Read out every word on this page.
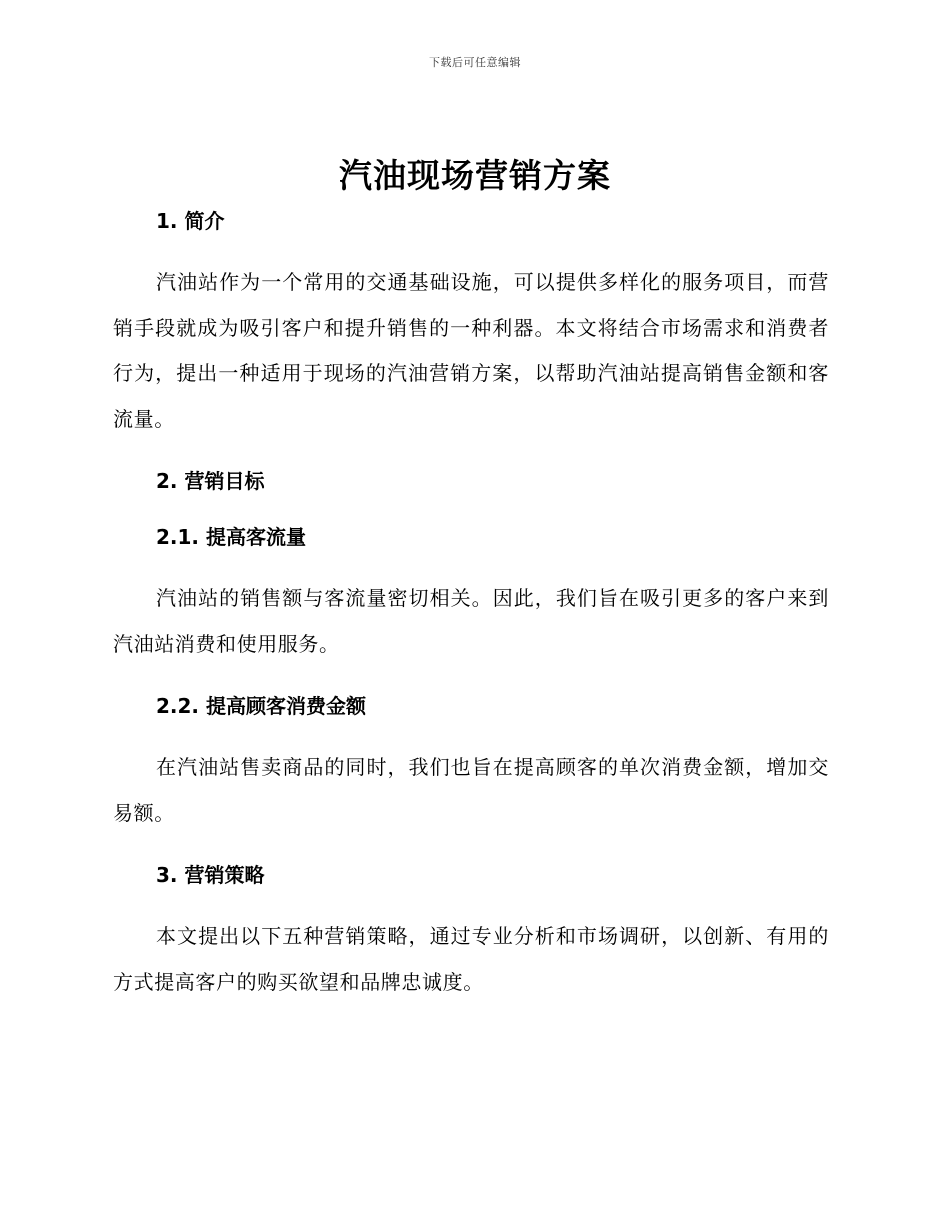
下载后可任意编辑
汽油现场营销方案
1. 简介

汽油站作为一个常用的交通基础设施，可以提供多样化的服务项目，而营销手段就成为吸引客户和提升销售的一种利器。本文将结合市场需求和消费者行为，提出一种适用于现场的汽油营销方案，以帮助汽油站提高销售金额和客流量。

2. 营销目标
2.1. 提高客流量

汽油站的销售额与客流量密切相关。因此，我们旨在吸引更多的客户来到汽油站消费和使用服务。

2.2. 提高顾客消费金额

在汽油站售卖商品的同时，我们也旨在提高顾客的单次消费金额，增加交易额。

3. 营销策略

本文提出以下五种营销策略，通过专业分析和市场调研，以创新、有用的方式提高客户的购买欲望和品牌忠诚度。
